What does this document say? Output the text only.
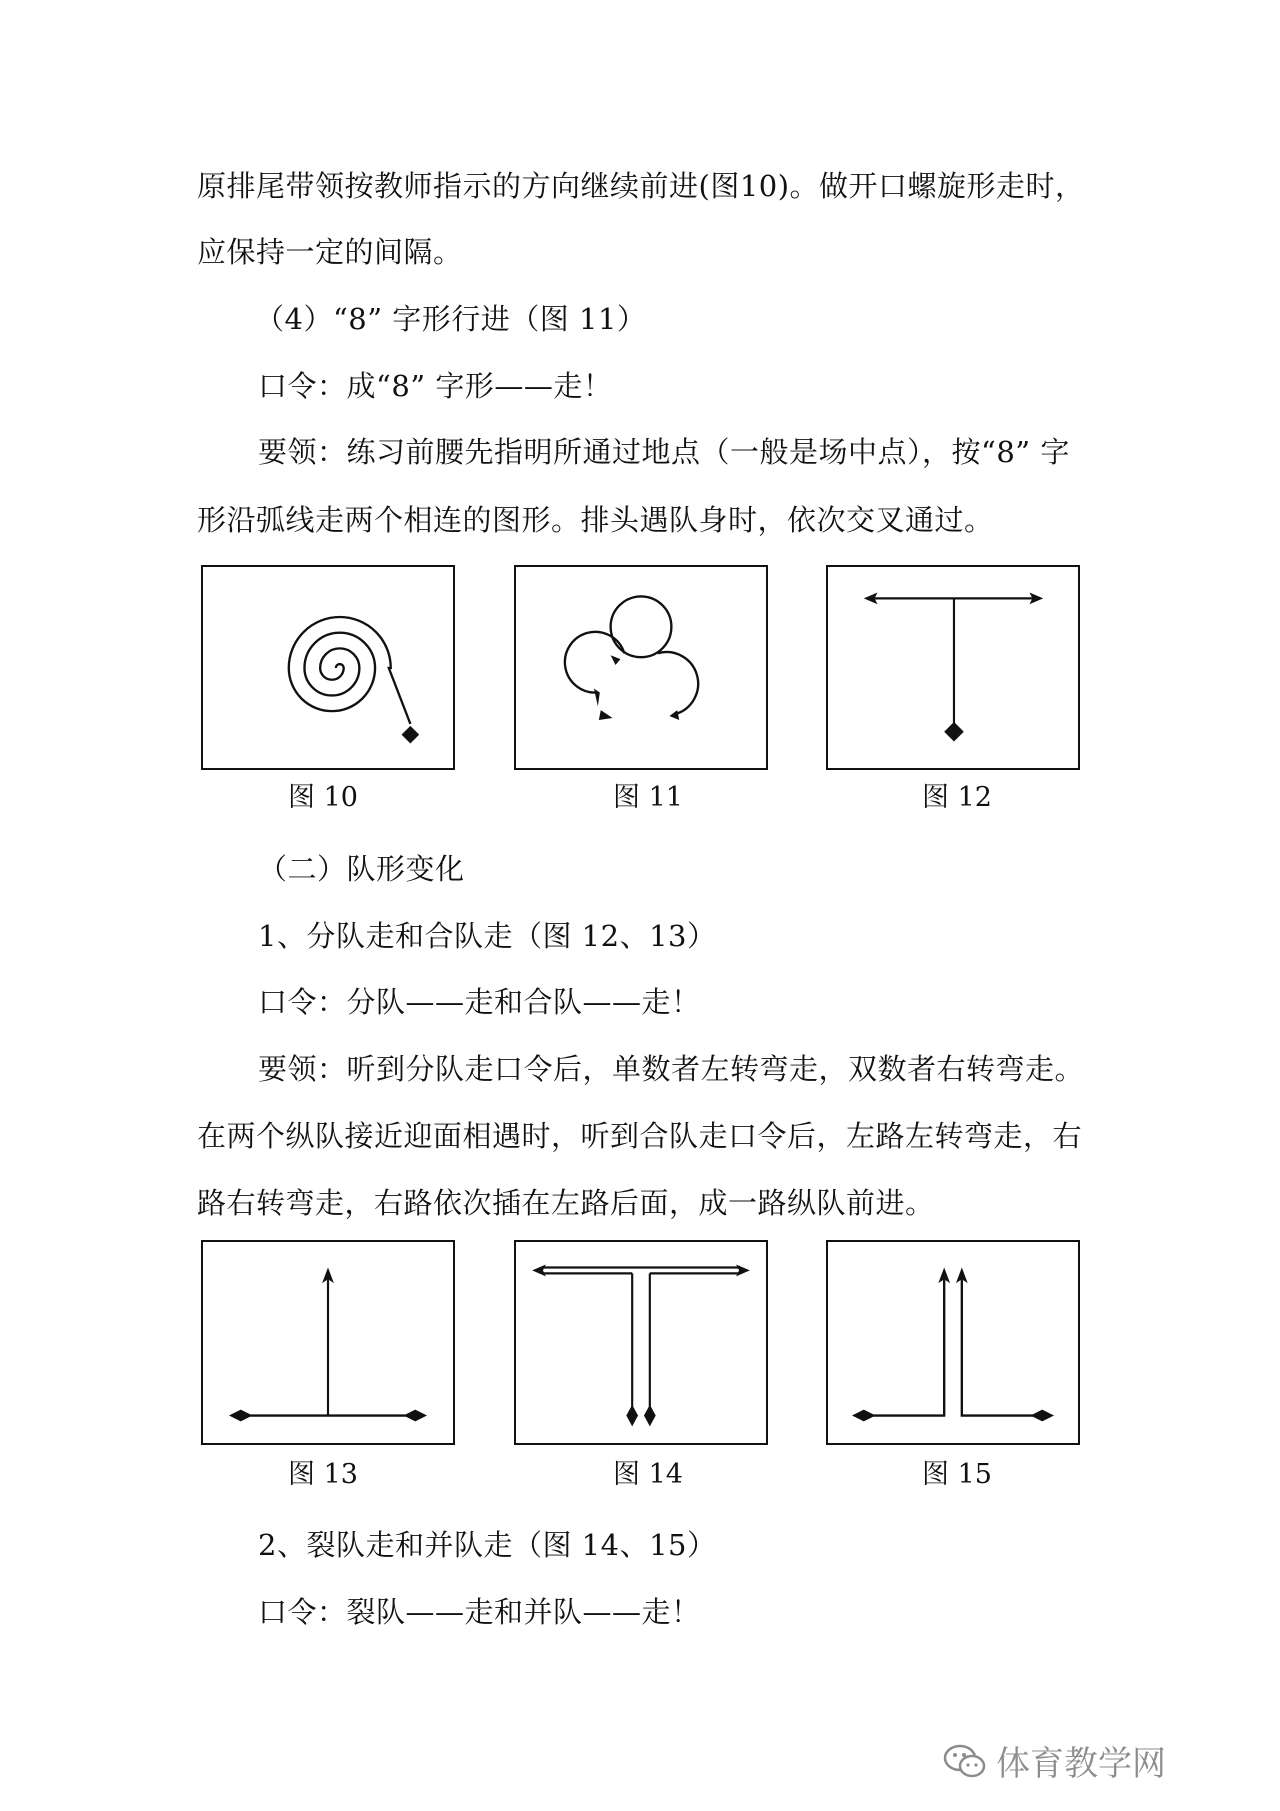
原排尾带领按教师指示的方向继续前进(图10)。做开口螺旋形走时，
应保持一定的间隔。
（4）“8” 字形行进（图 11）
口令：成“8” 字形——走！
要领：练习前腰先指明所通过地点（一般是场中点），按“8” 字
形沿弧线走两个相连的图形。排头遇队身时，依次交叉通过。
图 10	图 11	图 12
（二）队形变化
1、分队走和合队走（图 12、13）
口令：分队——走和合队——走！
要领：听到分队走口令后，单数者左转弯走，双数者右转弯走。
在两个纵队接近迎面相遇时，听到合队走口令后，左路左转弯走，右
路右转弯走，右路依次插在左路后面，成一路纵队前进。
图 13	图 14	图 15
2、裂队走和并队走（图 14、15）
口令：裂队——走和并队——走！
体育教学网
